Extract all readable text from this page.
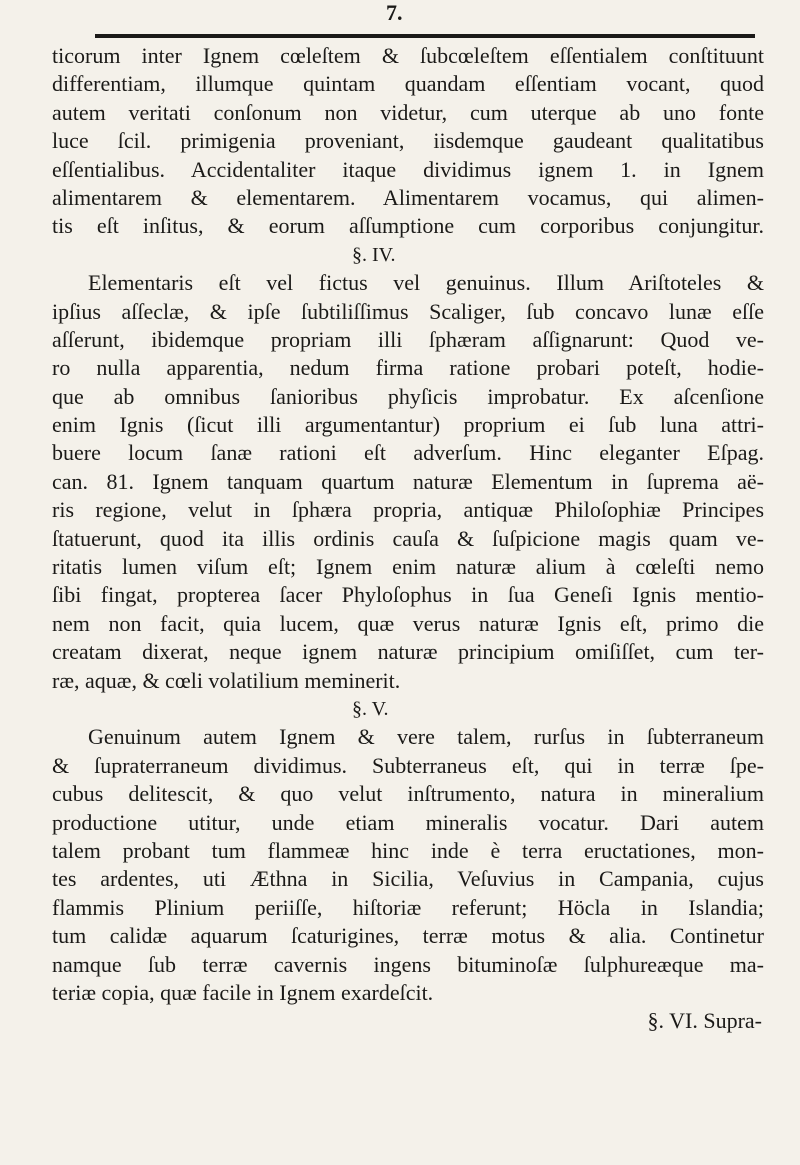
7.
ticorum inter Ignem cœleſtem & ſubcœleſtem eſſentialem conſtituunt
differentiam, illumque quintam quandam eſſentiam vocant, quod
autem veritati conſonum non videtur, cum uterque ab uno fonte
luce ſcil. primigenia proveniant, iisdemque gaudeant qualitatibus
eſſentialibus. Accidentaliter itaque dividimus ignem 1. in Ignem
alimentarem & elementarem. Alimentarem vocamus, qui alimen-
tis eſt inſitus, & eorum aſſumptione cum corporibus conjungitur.
§. IV.
Elementaris eſt vel fictus vel genuinus. Illum Ariſtoteles &
ipſius aſſeclæ, & ipſe ſubtiliſſimus Scaliger, ſub concavo lunæ eſſe
aſſerunt, ibidemque propriam illi ſphæram aſſignarunt: Quod ve-
ro nulla apparentia, nedum firma ratione probari poteſt, hodie-
que ab omnibus ſanioribus phyſicis improbatur. Ex aſcenſione
enim Ignis (ſicut illi argumentantur) proprium ei ſub luna attri-
buere locum ſanæ rationi eſt adverſum. Hinc eleganter Eſpag.
can. 81. Ignem tanquam quartum naturæ Elementum in ſuprema aë-
ris regione, velut in ſphæra propria, antiquæ Philoſophiæ Principes
ſtatuerunt, quod ita illis ordinis cauſa & ſuſpicione magis quam ve-
ritatis lumen viſum eſt; Ignem enim naturæ alium à cœleſti nemo
ſibi fingat, propterea ſacer Phyloſophus in ſua Geneſi Ignis mentio-
nem non facit, quia lucem, quæ verus naturæ Ignis eſt, primo die
creatam dixerat, neque ignem naturæ principium omiſiſſet, cum ter-
ræ, aquæ, & cœli volatilium meminerit.
§. V.
Genuinum autem Ignem & vere talem, rurſus in ſubterraneum
& ſupraterraneum dividimus. Subterraneus eſt, qui in terræ ſpe-
cubus delitescit, & quo velut inſtrumento, natura in mineralium
productione utitur, unde etiam mineralis vocatur. Dari autem
talem probant tum flammeæ hinc inde è terra eructationes, mon-
tes ardentes, uti Æthna in Sicilia, Veſuvius in Campania, cujus
flammis Plinium periiſſe, hiſtoriæ referunt; Höcla in Islandia;
tum calidæ aquarum ſcaturigines, terræ motus & alia. Continetur
namque ſub terræ cavernis ingens bituminoſæ ſulphureæque ma-
teriæ copia, quæ facile in Ignem exardeſcit.
§. VI. Supra-
